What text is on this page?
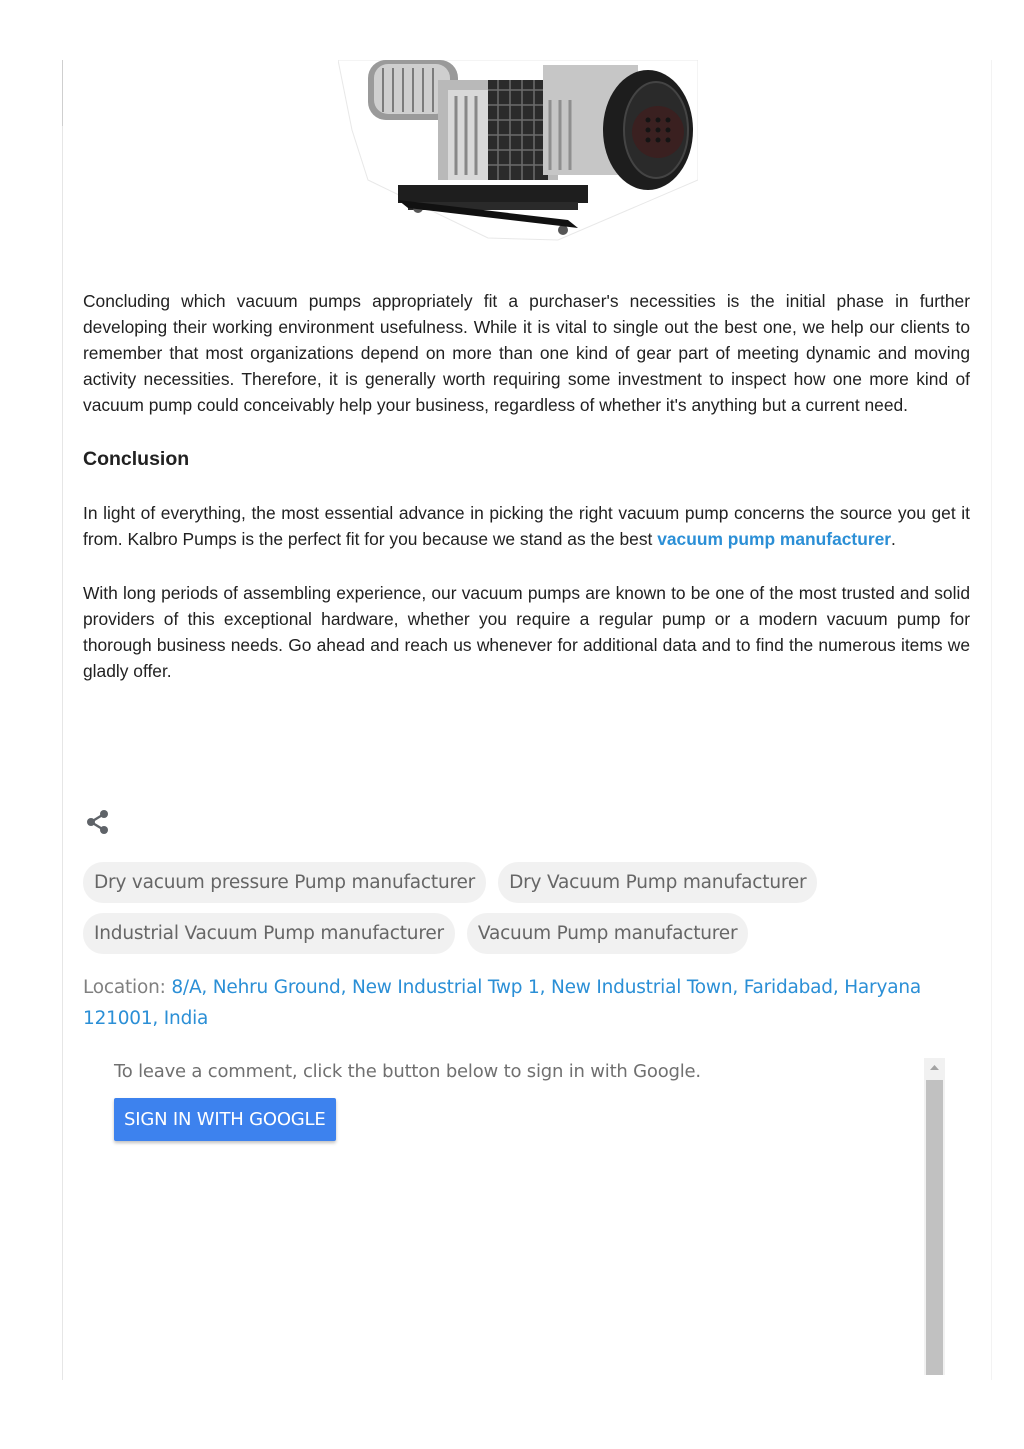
Concluding which vacuum pumps appropriately fit a purchaser's necessities is the initial phase in further developing their working environment usefulness. While it is vital to single out the best one, we help our clients to remember that most organizations depend on more than one kind of gear part of meeting dynamic and moving activity necessities. Therefore, it is generally worth requiring some investment to inspect how one more kind of vacuum pump could conceivably help your business, regardless of whether it's anything but a current need.

Conclusion

In light of everything, the most essential advance in picking the right vacuum pump concerns the source you get it from. Kalbro Pumps is the perfect fit for you because we stand as the best vacuum pump manufacturer.

With long periods of assembling experience, our vacuum pumps are known to be one of the most trusted and solid providers of this exceptional hardware, whether you require a regular pump or a modern vacuum pump for thorough business needs. Go ahead and reach us whenever for additional data and to find the numerous items we gladly offer.

Dry vacuum pressure Pump manufacturer	Dry Vacuum Pump manufacturer
Industrial Vacuum Pump manufacturer	Vacuum Pump manufacturer
Location: 8/A, Nehru Ground, New Industrial Twp 1, New Industrial Town, Faridabad, Haryana 121001, India
To leave a comment, click the button below to sign in with Google.
SIGN IN WITH GOOGLE
